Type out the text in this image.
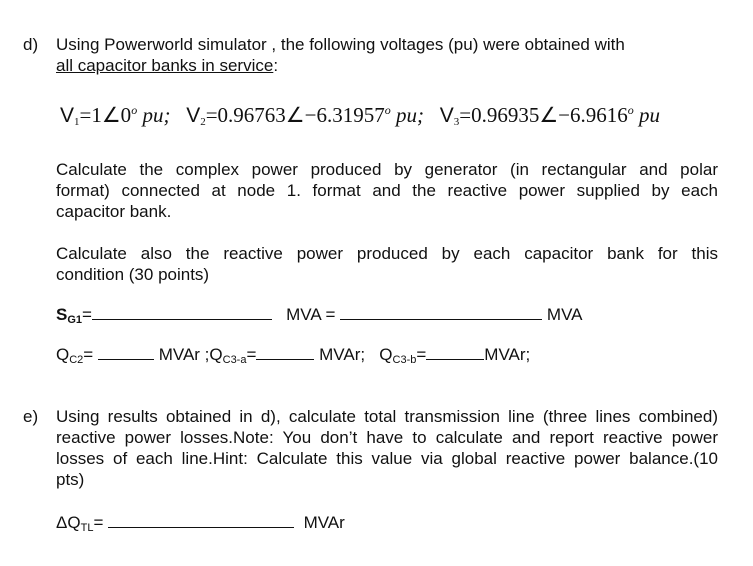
d) Using Powerworld simulator , the following voltages (pu) were obtained with
all capacitor banks in service:
$V_1=1\angle 0^o$ pu; $V_2=0.96763\angle-6.31957^o$ pu; $V_3=0.96935\angle-6.9616^o$ pu
Calculate the complex power produced by generator (in rectangular and polar
format) connected at node 1. format and the reactive power supplied by each
capacitor bank.
Calculate also the reactive power produced by each capacitor bank for this
condition (30 points)
$S_{G1}=$	MVA =	MVA
$Q_{C2}=$	MVAr $;Q_{C3-a}=$	MVAr; $Q_{C3-b}=$	MVAr;
e) Using results obtained in d), calculate total transmission line (three lines combined)
reactive power losses.Note: You don’t have to calculate and report reactive power
losses of each line.Hint: Calculate this value via global reactive power balance.(10
pts)
$\Delta Q_{TL}=$	MVAr
